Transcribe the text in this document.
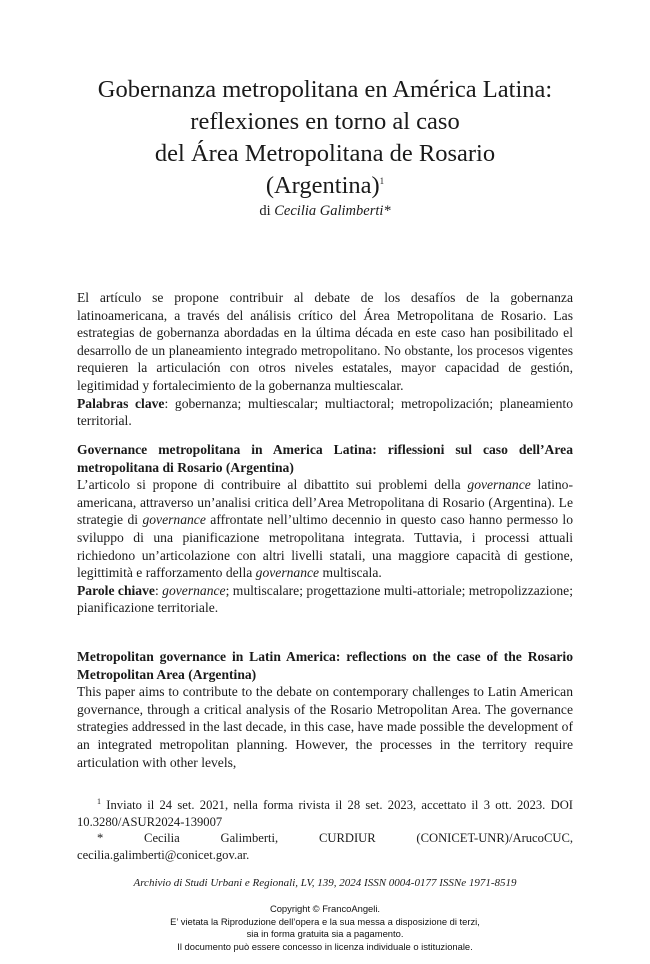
Gobernanza metropolitana en América Latina:
reflexiones en torno al caso
del Área Metropolitana de Rosario
(Argentina)$^1$
di Cecilia Galimberti*

El artículo se propone contribuir al debate de los desafíos de la gobernanza latinoamericana, a través del análisis crítico del Área Metropolitana de Rosario. Las estrategias de gobernanza abordadas en la última década en este caso han posibilitado el desarrollo de un planeamiento integrado metropolitano. No obstante, los procesos vigentes requieren la articulación con otros niveles estatales, mayor capacidad de gestión, legitimidad y fortalecimiento de la gobernanza multiescalar.

Palabras clave: gobernanza; multiescalar; multiactoral; metropolización; planeamiento territorial.

Governance metropolitana in America Latina: riflessioni sul caso dell’Area metropolitana di Rosario (Argentina)

L’articolo si propone di contribuire al dibattito sui problemi della governance latino-americana, attraverso un’analisi critica dell’Area Metropolitana di Rosario (Argentina). Le strategie di governance affrontate nell’ultimo decennio in questo caso hanno permesso lo sviluppo di una pianificazione metropolitana integrata. Tuttavia, i processi attuali richiedono un’articolazione con altri livelli statali, una maggiore capacità di gestione, legittimità e rafforzamento della governance multiscala.

Parole chiave: governance; multiscalare; progettazione multi-attoriale; metropolizzazione; pianificazione territoriale.

Metropolitan governance in Latin America: reflections on the case of the Rosario Metropolitan Area (Argentina)

This paper aims to contribute to the debate on contemporary challenges to Latin American governance, through a critical analysis of the Rosario Metropolitan Area. The governance strategies addressed in the last decade, in this case, have made possible the development of an integrated metropolitan planning. However, the processes in the territory require articulation with other levels,

$^1$ Inviato il 24 set. 2021, nella forma rivista il 28 set. 2023, accettato il 3 ott. 2023. DOI 10.3280/ASUR2024-139007

* Cecilia Galimberti, CURDIUR (CONICET-UNR)/ArucoCUC, cecilia.galimberti@conicet.gov.ar.

Archivio di Studi Urbani e Regionali, LV, 139, 2024 ISSN 0004-0177 ISSNe 1971-8519
Copyright © FrancoAngeli.
E’ vietata la Riproduzione dell’opera e la sua messa a disposizione di terzi,
sia in forma gratuita sia a pagamento.
Il documento può essere concesso in licenza individuale o istituzionale.
